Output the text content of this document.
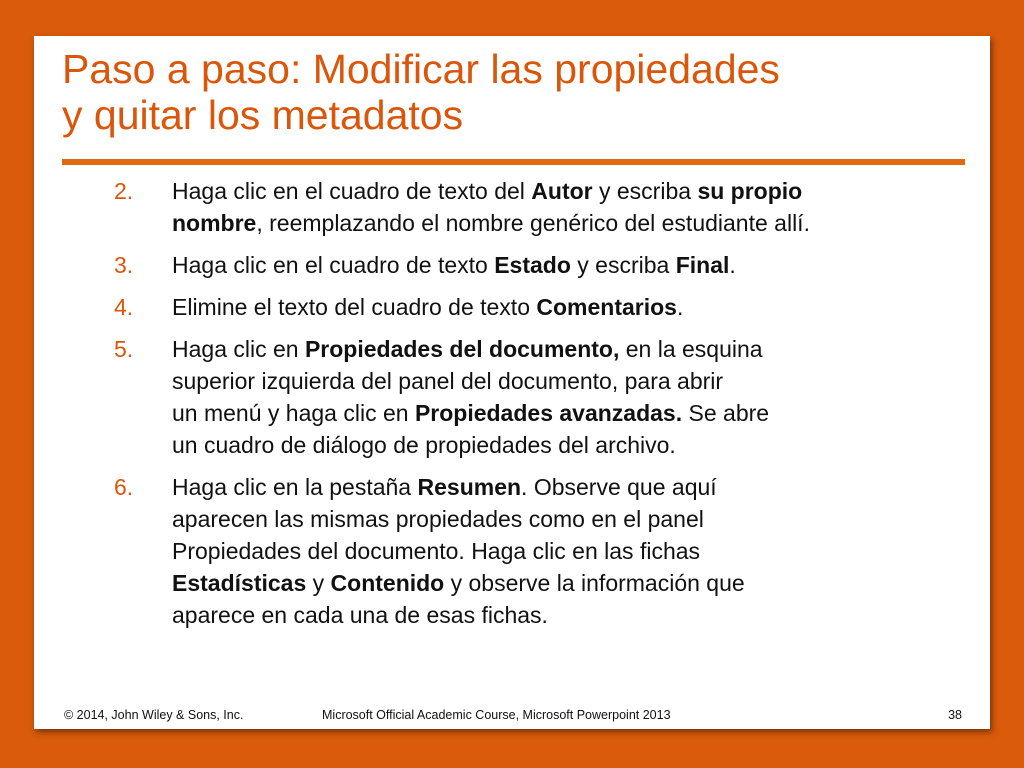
Paso a paso: Modificar las propiedades
y quitar los metadatos
2. Haga clic en el cuadro de texto del Autor y escriba su propio
nombre, reemplazando el nombre genérico del estudiante allí.
3. Haga clic en el cuadro de texto Estado y escriba Final.
4. Elimine el texto del cuadro de texto Comentarios.
5. Haga clic en Propiedades del documento, en la esquina
superior izquierda del panel del documento, para abrir
un menú y haga clic en Propiedades avanzadas. Se abre
un cuadro de diálogo de propiedades del archivo.
6. Haga clic en la pestaña Resumen. Observe que aquí
aparecen las mismas propiedades como en el panel
Propiedades del documento. Haga clic en las fichas
Estadísticas y Contenido y observe la información que
aparece en cada una de esas fichas.
© 2014, John Wiley & Sons, Inc.	Microsoft Official Academic Course, Microsoft Powerpoint 2013	38
